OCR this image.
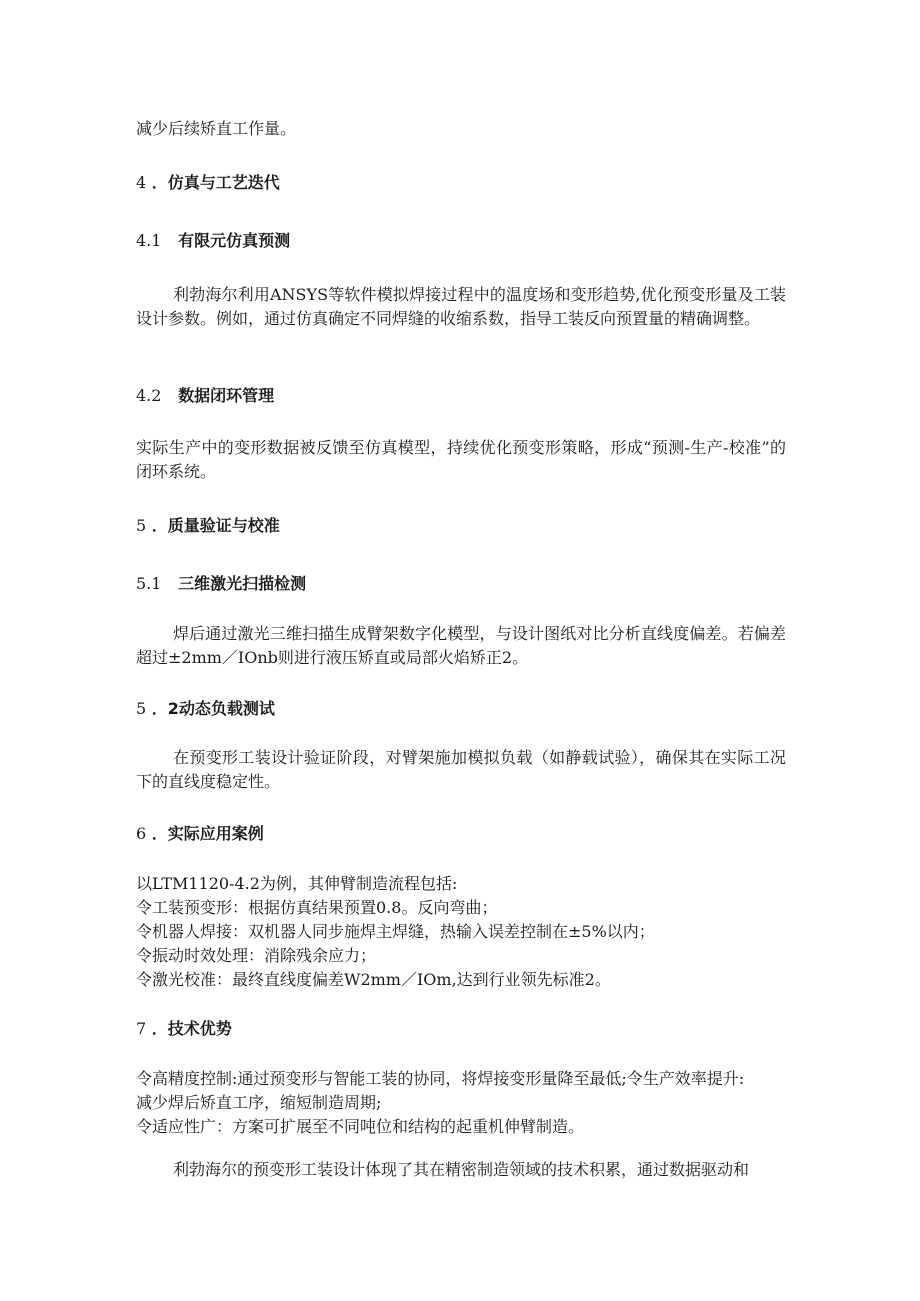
减少后续矫直工作量。

4 ．仿真与工艺迭代
4.1 有限元仿真预测

利勃海尔利用ANSYS等软件模拟焊接过程中的温度场和变形趋势,优化预变形量及工装设计参数。例如，通过仿真确定不同焊缝的收缩系数，指导工装反向预置量的精确调整。

4.2 数据闭环管理

实际生产中的变形数据被反馈至仿真模型，持续优化预变形策略，形成“预测-生产-校准”的闭环系统。

5 ．质量验证与校准
5.1 三维激光扫描检测

焊后通过激光三维扫描生成臂架数字化模型，与设计图纸对比分析直线度偏差。若偏差超过±2mm／IOnb则进行液压矫直或局部火焰矫正2。

5 ．2动态负载测试

在预变形工装设计验证阶段，对臂架施加模拟负载（如静载试验），确保其在实际工况下的直线度稳定性。

6 ．实际应用案例
以LTM1120-4.2为例，其伸臂制造流程包括:
令工装预变形：根据仿真结果预置0.8。反向弯曲；
令机器人焊接：双机器人同步施焊主焊缝，热输入误差控制在±5%以内；
令振动时效处理：消除残余应力；
令激光校准：最终直线度偏差W2mm／IOm,达到行业领先标准2。
7 ．技术优势
令高精度控制:通过预变形与智能工装的协同，将焊接变形量降至最低;令生产效率提升:
减少焊后矫直工序，缩短制造周期;
令适应性广：方案可扩展至不同吨位和结构的起重机伸臂制造。

利勃海尔的预变形工装设计体现了其在精密制造领域的技术积累，通过数据驱动和
